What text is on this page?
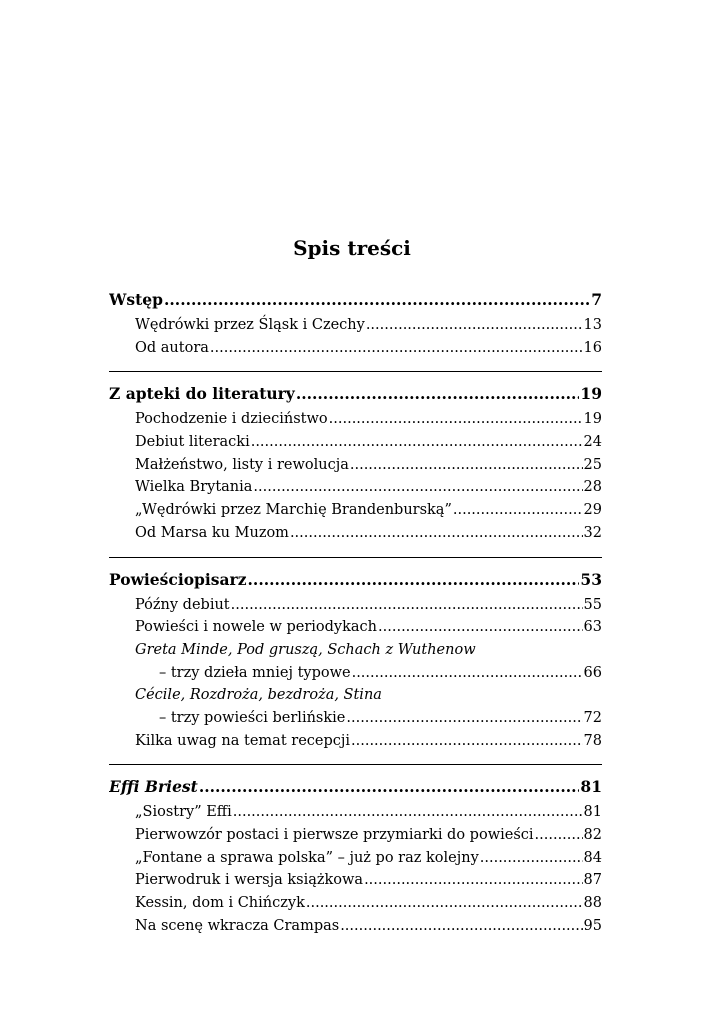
Spis treści
Wstęp .....	7
Wędrówki przez Śląsk i Czechy .....	13
Od autora .....	16
Z apteki do literatury .....	19
Pochodzenie i dzieciństwo .....	19
Debiut literacki .....	24
Małżeństwo, listy i rewolucja .....	25
Wielka Brytania .....	28
„Wędrówki przez Marchię Brandenburską” .....	29
Od Marsa ku Muzom .....	32
Powieściopisarz .....	53
Późny debiut .....	55
Powieści i nowele w periodykach .....	63
Greta Minde, Pod gruszą, Schach z Wuthenow
– trzy dzieła mniej typowe .....	66
Cécile, Rozdroża, bezdroża, Stina
– trzy powieści berlińskie .....	72
Kilka uwag na temat recepcji .....	78
Effi Briest .....	81
„Siostry” Effi .....	81
Pierwowzór postaci i pierwsze przymiarki do powieści .....	82
„Fontane a sprawa polska” – już po raz kolejny .....	84
Pierwodruk i wersja książkowa .....	87
Kessin, dom i Chińczyk .....	88
Na scenę wkracza Crampas .....	95
